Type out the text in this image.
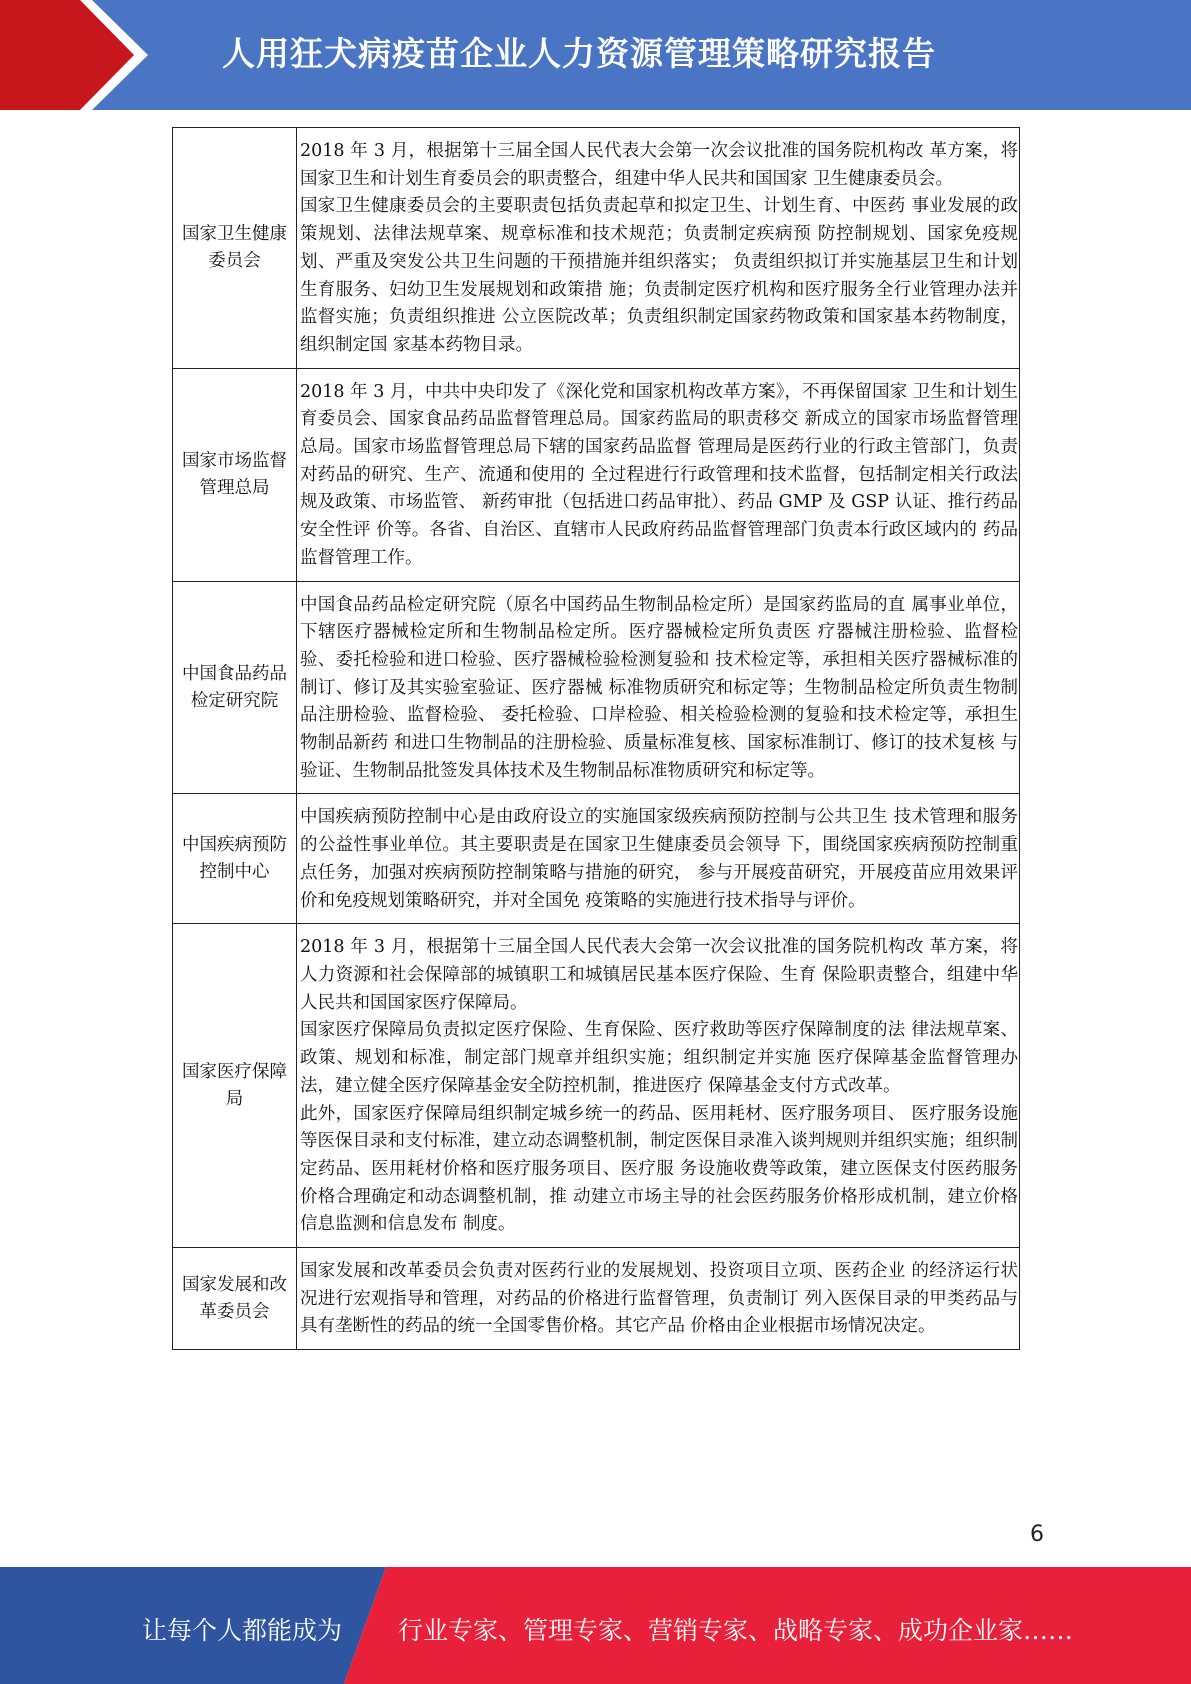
人用狂犬病疫苗企业人力资源管理策略研究报告
国家卫生健康委员会	2018 年 3 月，根据第十三届全国人民代表大会第一次会议批准的国务院机构改 革方案，将国家卫生和计划生育委员会的职责整合，组建中华人民共和国国家 卫生健康委员会。

国家卫生健康委员会的主要职责包括负责起草和拟定卫生、计划生育、中医药 事业发展的政策规划、法律法规草案、规章标准和技术规范；负责制定疾病预 防控制规划、国家免疫规划、严重及突发公共卫生问题的干预措施并组织落实； 负责组织拟订并实施基层卫生和计划生育服务、妇幼卫生发展规划和政策措 施；负责制定医疗机构和医疗服务全行业管理办法并监督实施；负责组织推进 公立医院改革；负责组织制定国家药物政策和国家基本药物制度，组织制定国 家基本药物目录。

国家市场监督管理总局	2018 年 3 月，中共中央印发了《深化党和国家机构改革方案》，不再保留国家 卫生和计划生育委员会、国家食品药品监督管理总局。国家药监局的职责移交 新成立的国家市场监督管理总局。国家市场监督管理总局下辖的国家药品监督 管理局是医药行业的行政主管部门，负责对药品的研究、生产、流通和使用的 全过程进行行政管理和技术监督，包括制定相关行政法规及政策、市场监管、 新药审批（包括进口药品审批）、药品 GMP 及 GSP 认证、推行药品安全性评 价等。各省、自治区、直辖市人民政府药品监督管理部门负责本行政区域内的 药品监督管理工作。

中国食品药品检定研究院	中国食品药品检定研究院（原名中国药品生物制品检定所）是国家药监局的直 属事业单位，下辖医疗器械检定所和生物制品检定所。医疗器械检定所负责医 疗器械注册检验、监督检验、委托检验和进口检验、医疗器械检验检测复验和 技术检定等，承担相关医疗器械标准的制订、修订及其实验室验证、医疗器械 标准物质研究和标定等；生物制品检定所负责生物制品注册检验、监督检验、 委托检验、口岸检验、相关检验检测的复验和技术检定等，承担生物制品新药 和进口生物制品的注册检验、质量标准复核、国家标准制订、修订的技术复核 与验证、生物制品批签发具体技术及生物制品标准物质研究和标定等。

中国疾病预防控制中心	中国疾病预防控制中心是由政府设立的实施国家级疾病预防控制与公共卫生 技术管理和服务的公益性事业单位。其主要职责是在国家卫生健康委员会领导 下，围绕国家疾病预防控制重点任务，加强对疾病预防控制策略与措施的研究， 参与开展疫苗研究，开展疫苗应用效果评价和免疫规划策略研究，并对全国免 疫策略的实施进行技术指导与评价。

国家医疗保障局	2018 年 3 月，根据第十三届全国人民代表大会第一次会议批准的国务院机构改 革方案，将人力资源和社会保障部的城镇职工和城镇居民基本医疗保险、生育 保险职责整合，组建中华人民共和国国家医疗保障局。

国家医疗保障局负责拟定医疗保险、生育保险、医疗救助等医疗保障制度的法 律法规草案、政策、规划和标准，制定部门规章并组织实施；组织制定并实施 医疗保障基金监督管理办法，建立健全医疗保障基金安全防控机制，推进医疗 保障基金支付方式改革。

此外，国家医疗保障局组织制定城乡统一的药品、医用耗材、医疗服务项目、 医疗服务设施等医保目录和支付标准，建立动态调整机制，制定医保目录准入谈判规则并组织实施；组织制定药品、医用耗材价格和医疗服务项目、医疗服 务设施收费等政策，建立医保支付医药服务价格合理确定和动态调整机制，推 动建立市场主导的社会医药服务价格形成机制，建立价格信息监测和信息发布 制度。

国家发展和改革委员会	国家发展和改革委员会负责对医药行业的发展规划、投资项目立项、医药企业 的经济运行状况进行宏观指导和管理，对药品的价格进行监督管理，负责制订 列入医保目录的甲类药品与具有垄断性的药品的统一全国零售价格。其它产品 价格由企业根据市场情况决定。

6
让每个人都能成为 行业专家、管理专家、营销专家、战略专家、成功企业家……
